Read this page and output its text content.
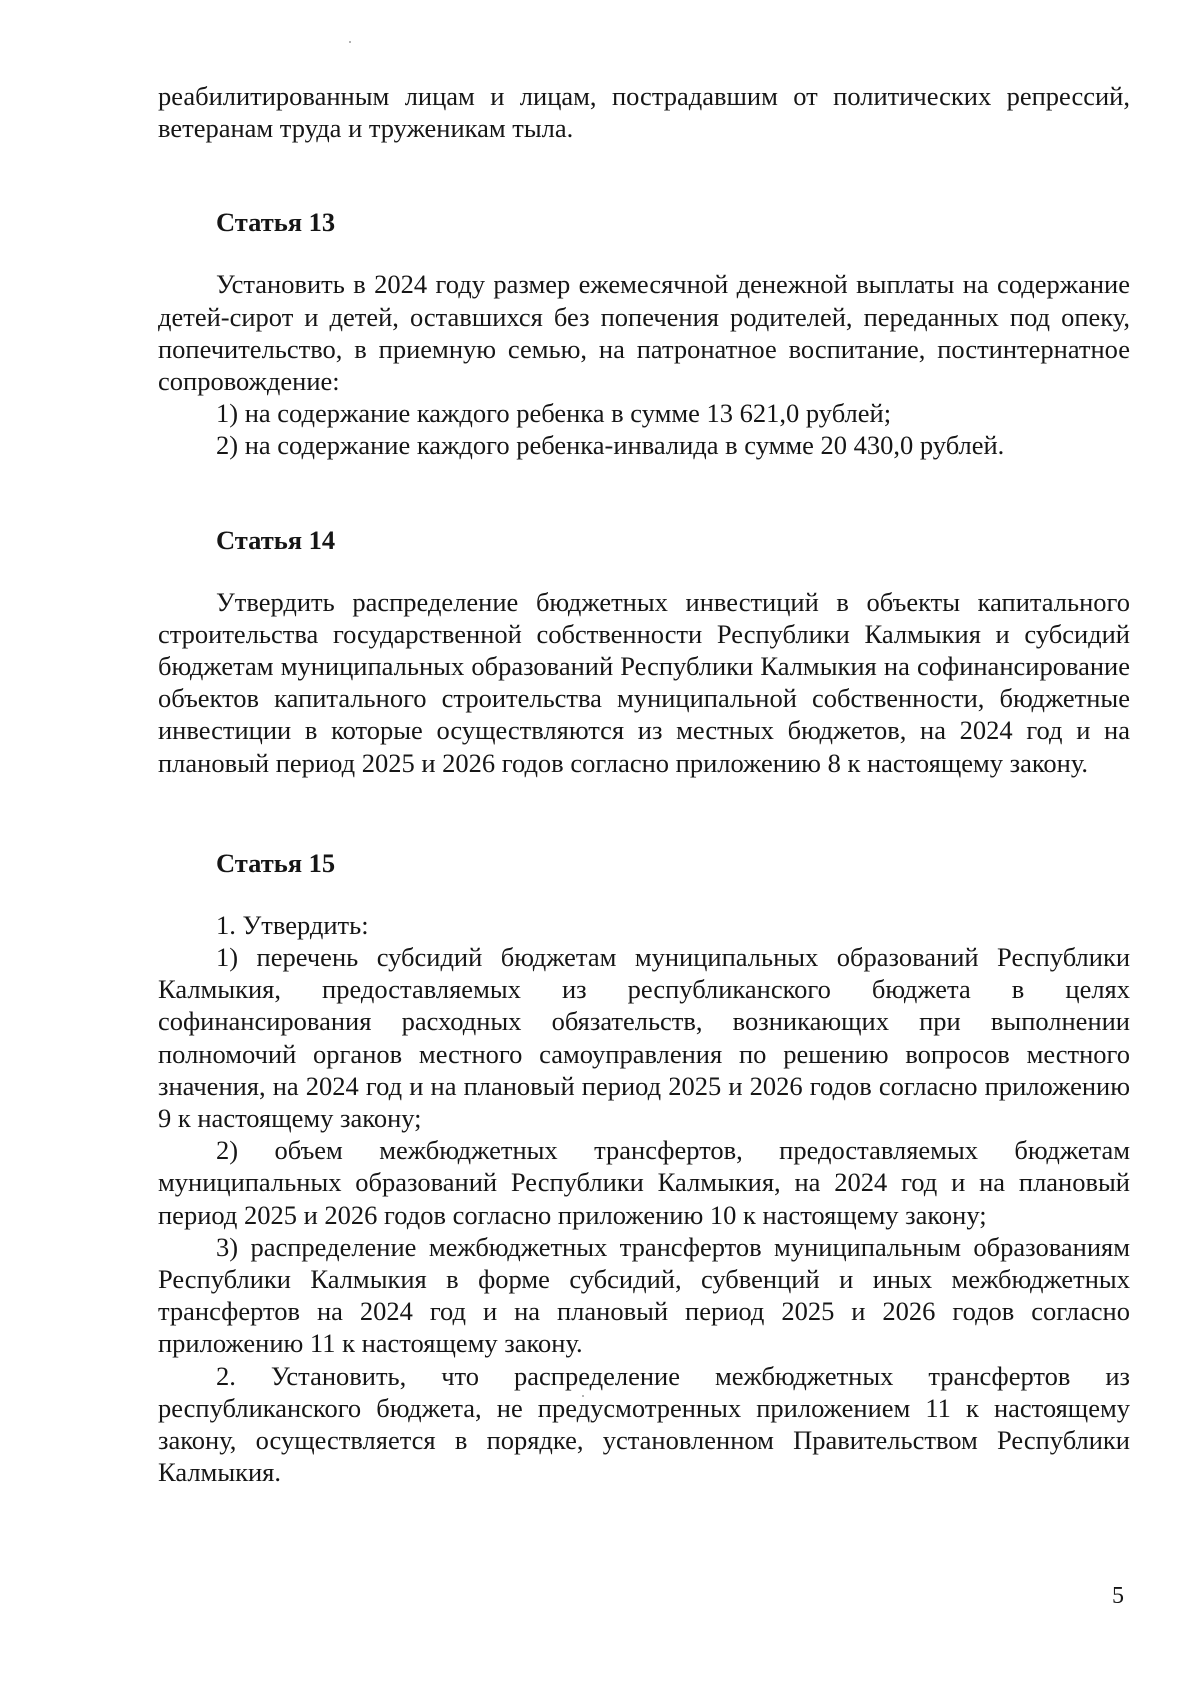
реабилитированным лицам и лицам, пострадавшим от политических репрессий, ветеранам труда и труженикам тыла.

Статья 13

Установить в 2024 году размер ежемесячной денежной выплаты на содержание детей-сирот и детей, оставшихся без попечения родителей, переданных под опеку, попечительство, в приемную семью, на патронатное воспитание, постинтернатное сопровождение:

1) на содержание каждого ребенка в сумме 13 621,0 рублей;

2) на содержание каждого ребенка-инвалида в сумме 20 430,0 рублей.

Статья 14

Утвердить распределение бюджетных инвестиций в объекты капитального строительства государственной собственности Республики Калмыкия и субсидий бюджетам муниципальных образований Республики Калмыкия на софинансирование объектов капитального строительства муниципальной собственности, бюджетные инвестиции в которые осуществляются из местных бюджетов, на 2024 год и на плановый период 2025 и 2026 годов согласно приложению 8 к настоящему закону.

Статья 15

1. Утвердить:

1) перечень субсидий бюджетам муниципальных образований Республики Калмыкия, предоставляемых из республиканского бюджета в целях софинансирования расходных обязательств, возникающих при выполнении полномочий органов местного самоуправления по решению вопросов местного значения, на 2024 год и на плановый период 2025 и 2026 годов согласно приложению 9 к настоящему закону;

2) объем межбюджетных трансфертов, предоставляемых бюджетам муниципальных образований Республики Калмыкия, на 2024 год и на плановый период 2025 и 2026 годов согласно приложению 10 к настоящему закону;

3) распределение межбюджетных трансфертов муниципальным образованиям Республики Калмыкия в форме субсидий, субвенций и иных межбюджетных трансфертов на 2024 год и на плановый период 2025 и 2026 годов согласно приложению 11 к настоящему закону.

2. Установить, что распределение межбюджетных трансфертов из республиканского бюджета, не предусмотренных приложением 11 к настоящему закону, осуществляется в порядке, установленном Правительством Республики Калмыкия.

5
